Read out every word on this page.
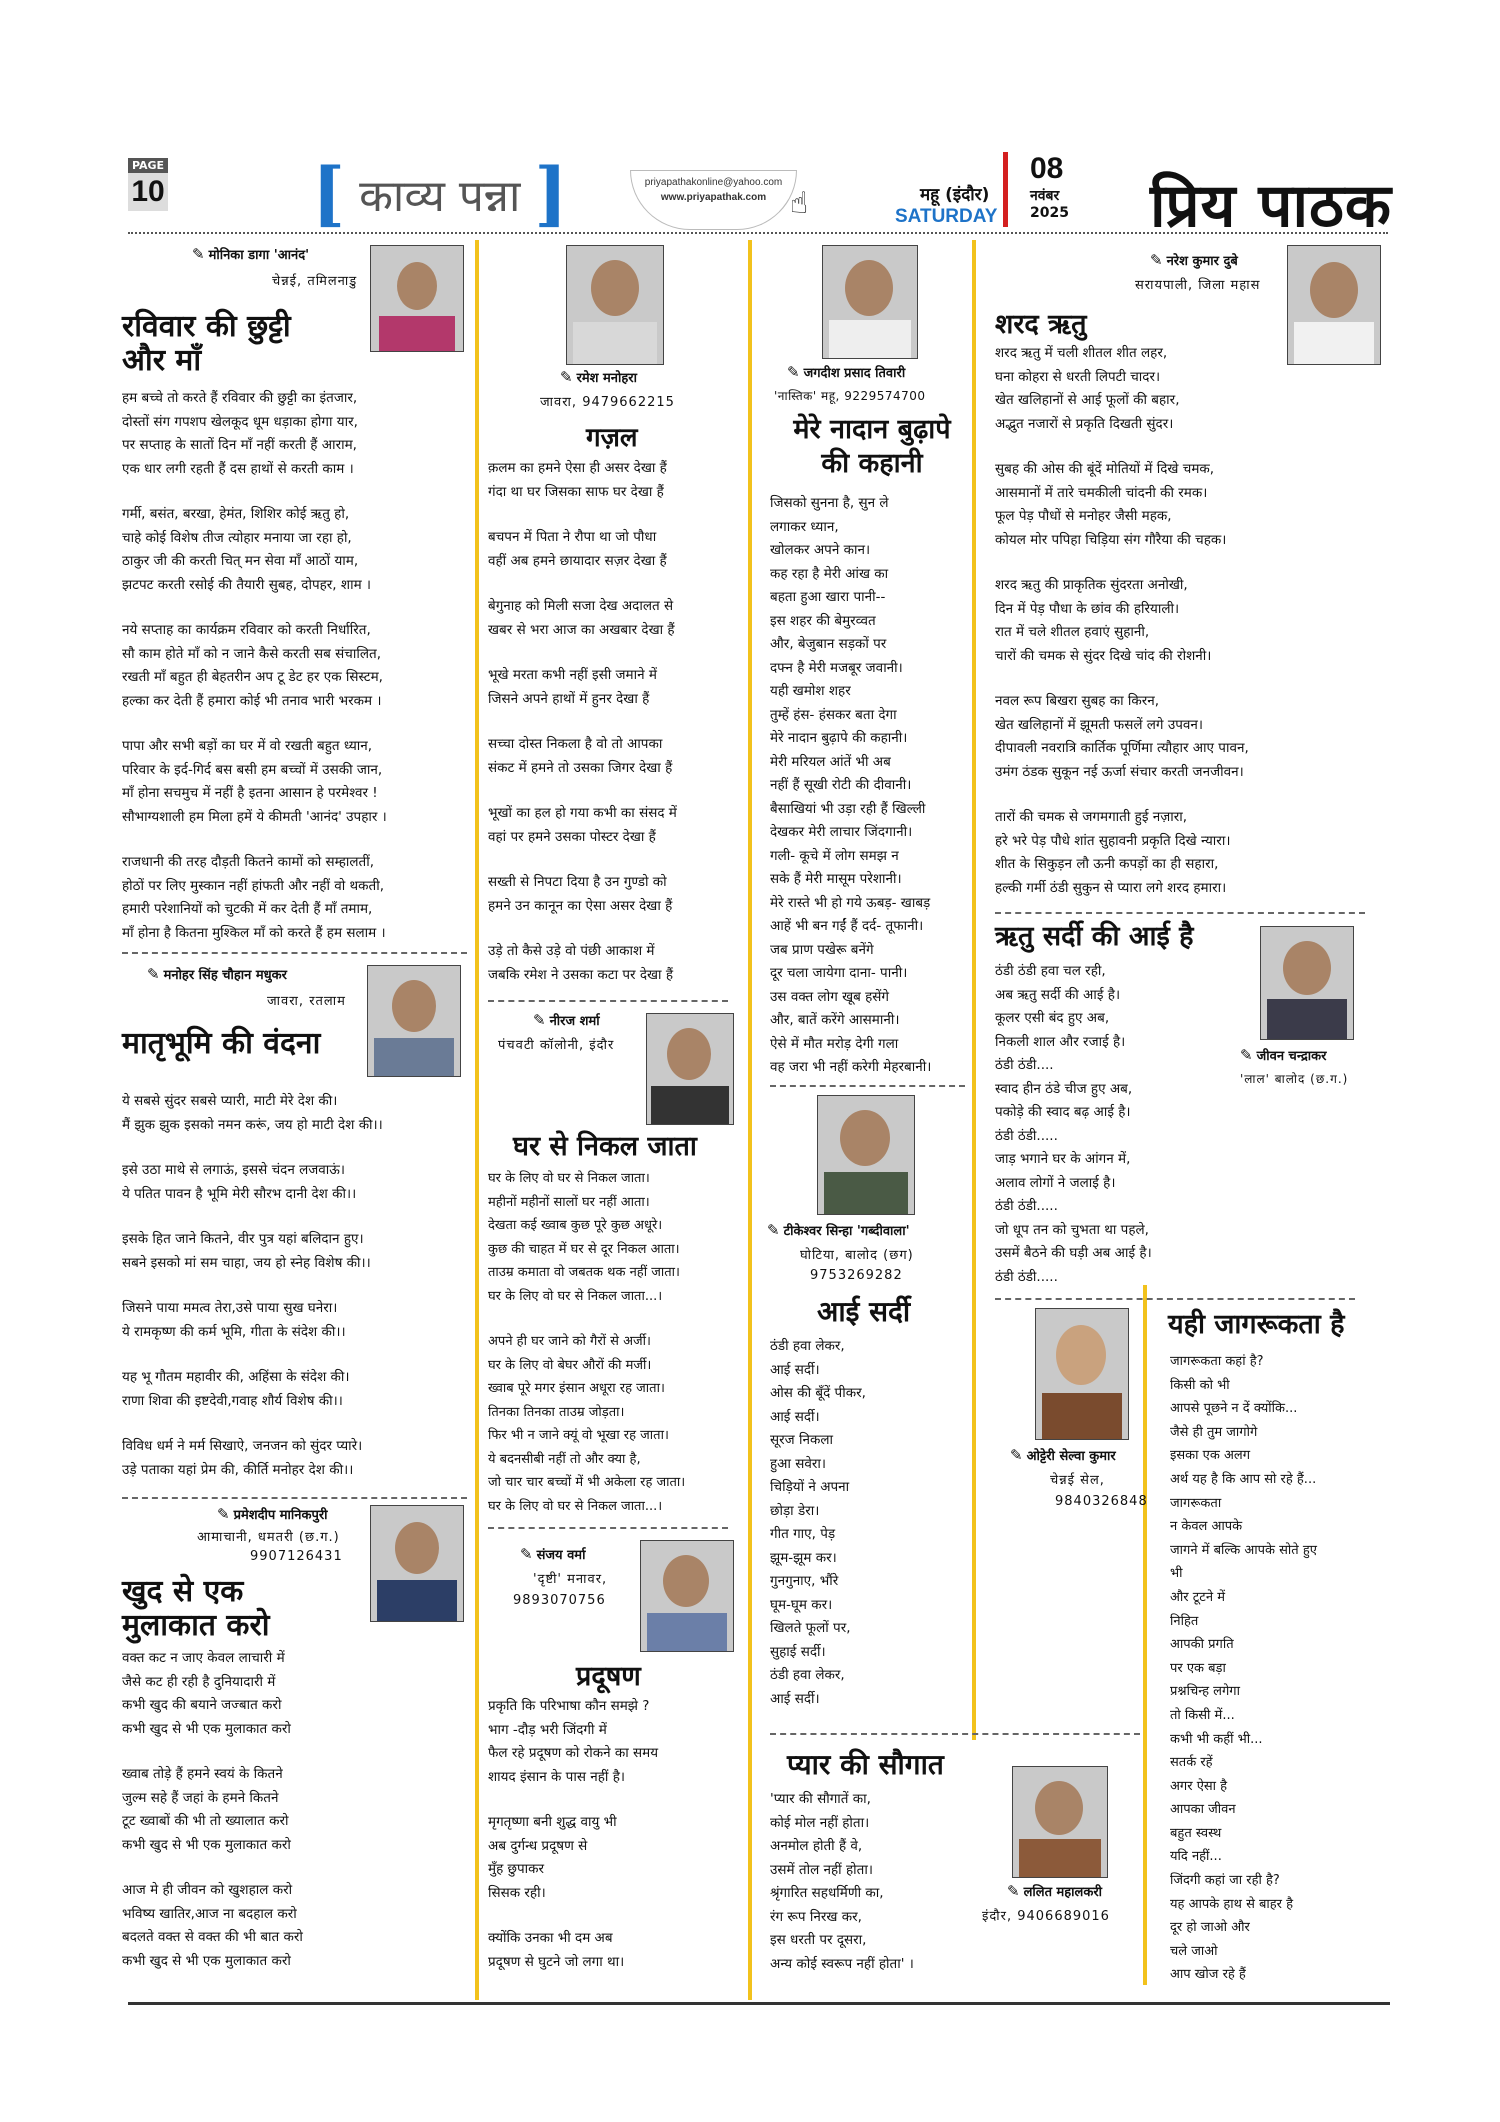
PAGE
10 [ काव्य पन्ना ]	priyapathakonline@yahoo.com
www.priyapathak.com ☝	महू (इंदौर)
SATURDAY
08
नवंबर
2025 प्रिय पाठक
✎ मोनिका डागा 'आनंद'
चेन्नई, तमिलनाडु
रविवार की छुट्टी
और माँ

हम बच्चे तो करते हैं रविवार की छुट्टी का इंतजार,
दोस्तों संग गपशप खेलकूद धूम धड़ाका होगा यार,
पर सप्ताह के सातों दिन माँ नहीं करती हैं आराम,
एक धार लगी रहती हैं दस हाथों से करती काम ।

गर्मी, बसंत, बरखा, हेमंत, शिशिर कोई ऋतु हो,
चाहे कोई विशेष तीज त्योहार मनाया जा रहा हो,
ठाकुर जी की करती चित् मन सेवा माँ आठों याम,
झटपट करती रसोई की तैयारी सुबह, दोपहर, शाम ।

नये सप्ताह का कार्यक्रम रविवार को करती निर्धारित,
सौ काम होते माँ को न जाने कैसे करती सब संचालित,
रखती माँ बहुत ही बेहतरीन अप टू डेट हर एक सिस्टम,
हल्का कर देती हैं हमारा कोई भी तनाव भारी भरकम ।

पापा और सभी बड़ों का घर में वो रखती बहुत ध्यान,
परिवार के इर्द-गिर्द बस बसी हम बच्चों में उसकी जान,
माँ होना सचमुच में नहीं है इतना आसान हे परमेश्वर !
सौभाग्यशाली हम मिला हमें ये कीमती 'आनंद' उपहार ।

राजधानी की तरह दौड़ती कितने कामों को सम्हालतीं,
होठों पर लिए मुस्कान नहीं हांफती और नहीं वो थकती,
हमारी परेशानियों को चुटकी में कर देती हैं माँ तमाम,
माँ होना है कितना मुश्किल माँ को करते हैं हम सलाम ।

✎ मनोहर सिंह चौहान मधुकर
जावरा, रतलाम
मातृभूमि की वंदना

ये सबसे सुंदर सबसे प्यारी, माटी मेरे देश की।
मैं झुक झुक इसको नमन करूं, जय हो माटी देश की।।

इसे उठा माथे से लगाऊं, इससे चंदन लजवाऊं।
ये पतित पावन है भूमि मेरी सौरभ दानी देश की।।

इसके हित जाने कितने, वीर पुत्र यहां बलिदान हुए।
सबने इसको मां सम चाहा, जय हो स्नेह विशेष की।।

जिसने पाया ममत्व तेरा,उसे पाया सुख घनेरा।
ये रामकृष्ण की कर्म भूमि, गीता के संदेश की।।

यह भू गौतम महावीर की, अहिंसा के संदेश की।
राणा शिवा की इष्टदेवी,गवाह शौर्य विशेष की।।

विविध धर्म ने मर्म सिखाऐ, जनजन को सुंदर प्यारे।
उड़े पताका यहां प्रेम की, कीर्ति मनोहर देश की।।

✎ प्रमेशदीप मानिकपुरी
आमाचानी, धमतरी (छ.ग.)
9907126431
खुद से एक
मुलाकात करो

वक्त कट न जाए केवल लाचारी में
जैसे कट ही रही है दुनियादारी में
कभी खुद की बयाने जज्बात करो
कभी खुद से भी एक मुलाकात करो

ख्वाब तोड़े हैं हमने स्वयं के कितने
जुल्म सहे हैं जहां के हमने कितने
टूट ख्वाबों की भी तो ख्यालात करो
कभी खुद से भी एक मुलाकात करो

आज मे ही जीवन को खुशहाल करो
भविष्य खातिर,आज ना बदहाल करो
बदलते वक्त से वक्त की भी बात करो
कभी खुद से भी एक मुलाकात करो

✎ रमेश मनोहरा
जावरा, 9479662215
गज़ल

क़लम का हमने ऐसा ही असर देखा हैं
गंदा था घर जिसका साफ घर देखा हैं

बचपन में पिता ने रौपा था जो पौधा
वहीं अब हमने छायादार सज़र देखा हैं

बेगुनाह को मिली सजा देख अदालत से
खबर से भरा आज का अखबार देखा हैं

भूखे मरता कभी नहीं इसी जमाने में
जिसने अपने हाथों में हुनर देखा हैं

सच्चा दोस्त निकला है वो तो आपका
संकट में हमने तो उसका जिगर देखा हैं

भूखों का हल हो गया कभी का संसद में
वहां पर हमने उसका पोस्टर देखा हैं

सख्ती से निपटा दिया है उन गुण्डो को
हमने उन कानून का ऐसा असर देखा हैं

उड़े तो कैसे उड़े वो पंछी आकाश में
जबकि रमेश ने उसका कटा पर देखा हैं

✎ नीरज शर्मा
पंचवटी कॉलोनी, इंदौर
घर से निकल जाता

घर के लिए वो घर से निकल जाता।
महीनों महीनों सालों घर नहीं आता।
देखता कई ख्वाब कुछ पूरे कुछ अधूरे।
कुछ की चाहत में घर से दूर निकल आता।
ताउम्र कमाता वो जबतक थक नहीं जाता।
घर के लिए वो घर से निकल जाता...।

अपने ही घर जाने को गैरों से अर्जी।
घर के लिए वो बेघर औरों की मर्जी।
ख्वाब पूरे मगर इंसान अधूरा रह जाता।
तिनका तिनका ताउम्र जोड़ता।
फिर भी न जाने क्यूं वो भूखा रह जाता।
ये बदनसीबी नहीं तो और क्या है,
जो चार चार बच्चों में भी अकेला रह जाता।
घर के लिए वो घर से निकल जाता...।

✎ संजय वर्मा
'दृष्टी' मनावर,
9893070756
प्रदूषण

प्रकृति कि परिभाषा कौन समझे ?
भाग -दौड़ भरी जिंदगी में
फैल रहे प्रदूषण को रोकने का समय
शायद इंसान के पास नहीं है।

मृगतृष्णा बनी शुद्ध वायु भी
अब दुर्गन्ध प्रदूषण से
मुँह छुपाकर
सिसक रही।

क्योंकि उनका भी दम अब
प्रदूषण से घुटने जो लगा था।

✎ जगदीश प्रसाद तिवारी
'नास्तिक' महू, 9229574700
मेरे नादान बुढ़ापे
की कहानी

जिसको सुनना है, सुन ले
लगाकर ध्यान,
खोलकर अपने कान।
कह रहा है मेरी आंख का
बहता हुआ खारा पानी--
इस शहर की बेमुरव्वत
और, बेजुबान सड़कों पर
दफ्न है मेरी मजबूर जवानी।
यही खमोश शहर
तुम्हें हंस- हंसकर बता देगा
मेरे नादान बुढ़ापे की कहानी।
मेरी मरियल आंतें भी अब
नहीं हैं सूखी रोटी की दीवानी।
बैसाखियां भी उड़ा रही हैं खिल्ली
देखकर मेरी लाचार जिंदगानी।
गली- कूचे में लोग समझ न
सके हैं मेरी मासूम परेशानी।
मेरे रास्ते भी हो गये ऊबड़- खाबड़
आहें भी बन गईं हैं दर्द- तूफानी।
जब प्राण पखेरू बनेंगे
दूर चला जायेगा दाना- पानी।
उस वक्त लोग खूब हसेंगे
और, बातें करेंगे आसमानी।
ऐसे में मौत मरोड़ देगी गला
वह जरा भी नहीं करेगी मेहरबानी।

✎ टीकेश्वर सिन्हा 'गब्दीवाला'
घोटिया, बालोद (छग)
9753269282
आई सर्दी

ठंडी हवा लेकर,
आई सर्दी।
ओस की बूँदें पीकर,
आई सर्दी।
सूरज निकला
हुआ सवेरा।
चिड़ियों ने अपना
छोड़ा डेरा।
गीत गाए, पेड़
झूम-झूम कर।
गुनगुनाए, भौंरे
घूम-घूम कर।
खिलते फूलों पर,
सुहाई सर्दी।
ठंडी हवा लेकर,
आई सर्दी।

प्यार की सौगात

'प्यार की सौगातें का,
कोई मोल नहीं होता।
अनमोल होती हैं वे,
उसमें तोल नहीं होता।
श्रृंगारित सहधर्मिणी का,
रंग रूप निरख कर,
इस धरती पर दूसरा,
अन्य कोई स्वरूप नहीं होता' ।

✎ ललित महालकरी
इंदौर, 9406689016
✎ नरेश कुमार दुबे
सरायपाली, जिला महास
शरद ऋतु

शरद ऋतु में चली शीतल शीत लहर,
घना कोहरा से धरती लिपटी चादर।
खेत खलिहानों से आई फूलों की बहार,
अद्भुत नजारों से प्रकृति दिखती सुंदर।

सुबह की ओस की बूंदें मोतियों में दिखे चमक,
आसमानों में तारे चमकीली चांदनी की रमक।
फूल पेड़ पौधों से मनोहर जैसी महक,
कोयल मोर पपिहा चिड़िया संग गौरैया की चहक।

शरद ऋतु की प्राकृतिक सुंदरता अनोखी,
दिन में पेड़ पौधा के छांव की हरियाली।
रात में चले शीतल हवाएं सुहानी,
चारों की चमक से सुंदर दिखे चांद की रोशनी।

नवल रूप बिखरा सुबह का किरन,
खेत खलिहानों में झूमती फसलें लगे उपवन।
दीपावली नवरात्रि कार्तिक पूर्णिमा त्यौहार आए पावन,
उमंग ठंडक सुकून नई ऊर्जा संचार करती जनजीवन।

तारों की चमक से जगमगाती हुई नज़ारा,
हरे भरे पेड़ पौधे शांत सुहावनी प्रकृति दिखे न्यारा।
शीत के सिकुड़न लौ ऊनी कपड़ों का ही सहारा,
हल्की गर्मी ठंडी सुकुन से प्यारा लगे शरद हमारा।

ऋतु सर्दी की आई है

ठंडी ठंडी हवा चल रही,
अब ऋतु सर्दी की आई है।
कूलर एसी बंद हुए अब,
निकली शाल और रजाई है।
ठंडी ठंडी....
स्वाद हीन ठंडे चीज हुए अब,
पकोड़े की स्वाद बढ़ आई है।
ठंडी ठंडी.....
जाड़ भगाने घर के आंगन में,
अलाव लोगों ने जलाई है।
ठंडी ठंडी.....
जो धूप तन को चुभता था पहले,
उसमें बैठने की घड़ी अब आई है।
ठंडी ठंडी.....

✎ जीवन चन्द्राकर
'लाल' बालोद (छ.ग.)
✎ ओट्टेरी सेल्वा कुमार
चेन्नई सेल,
9840326848
यही जागरूकता है

जागरूकता कहां है?
किसी को भी
आपसे पूछने न दें क्योंकि...
जैसे ही तुम जागोगे
इसका एक अलग
अर्थ यह है कि आप सो रहे हैं...
जागरूकता
न केवल आपके
जागने में बल्कि आपके सोते हुए
भी
और टूटने में
निहित
आपकी प्रगति
पर एक बड़ा
प्रश्नचिन्ह लगेगा
तो किसी में...
कभी भी कहीं भी...
सतर्क रहें
अगर ऐसा है
आपका जीवन
बहुत स्वस्थ
यदि नहीं...
जिंदगी कहां जा रही है?
यह आपके हाथ से बाहर है
दूर हो जाओ और
चले जाओ
आप खोज रहे हैं
